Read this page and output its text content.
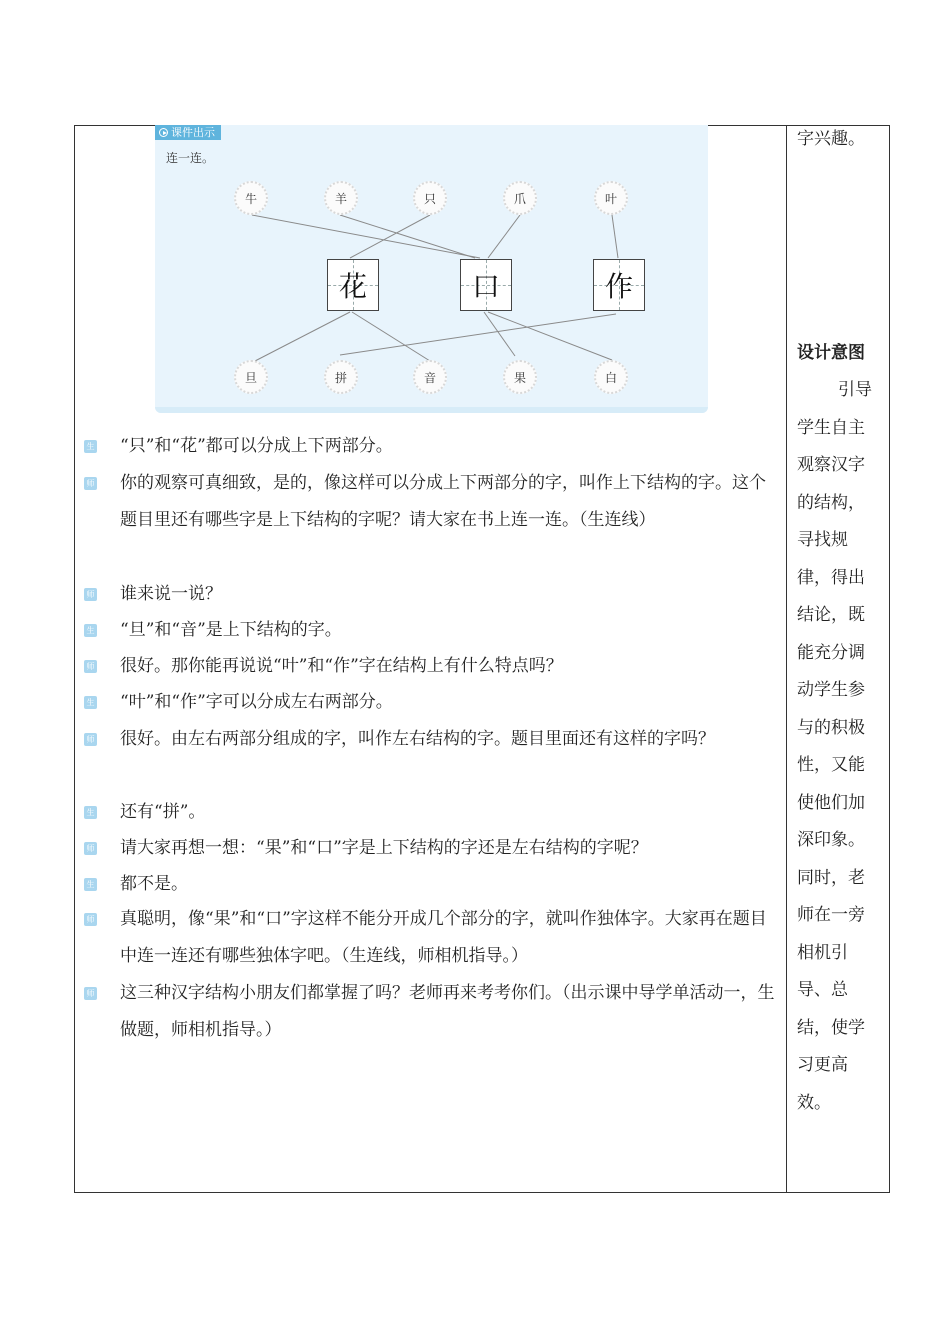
课件出示
连一连。
牛	羊	只	爪	叶
花	口	作
旦	拼	音	果	白
生 “只”和“花”都可以分成上下两部分。
师 你的观察可真细致，是的，像这样可以分成上下两部分的字，叫作上下结构的字。这个题目里还有哪些字是上下结构的字呢？请大家在书上连一连。（生连线）
师 谁来说一说？
生 “旦”和“音”是上下结构的字。
师 很好。那你能再说说“叶”和“作”字在结构上有什么特点吗？
生 “叶”和“作”字可以分成左右两部分。
师 很好。由左右两部分组成的字，叫作左右结构的字。题目里面还有这样的字吗？
生 还有“拼”。
师 请大家再想一想：“果”和“口”字是上下结构的字还是左右结构的字呢？
生 都不是。
师 真聪明，像“果”和“口”字这样不能分开成几个部分的字，就叫作独体字。大家再在题目中连一连还有哪些独体字吧。（生连线，师相机指导。）
师 这三种汉字结构小朋友们都掌握了吗？老师再来考考你们。（出示课中导学单活动一，生做题，师相机指导。）
字兴趣。
设计意图
引导
学生自主
观察汉字
的结构，
寻找规
律，得出
结论，既
能充分调
动学生参
与的积极
性，又能
使他们加
深印象。
同时，老
师在一旁
相机引
导、总
结，使学
习更高
效。
